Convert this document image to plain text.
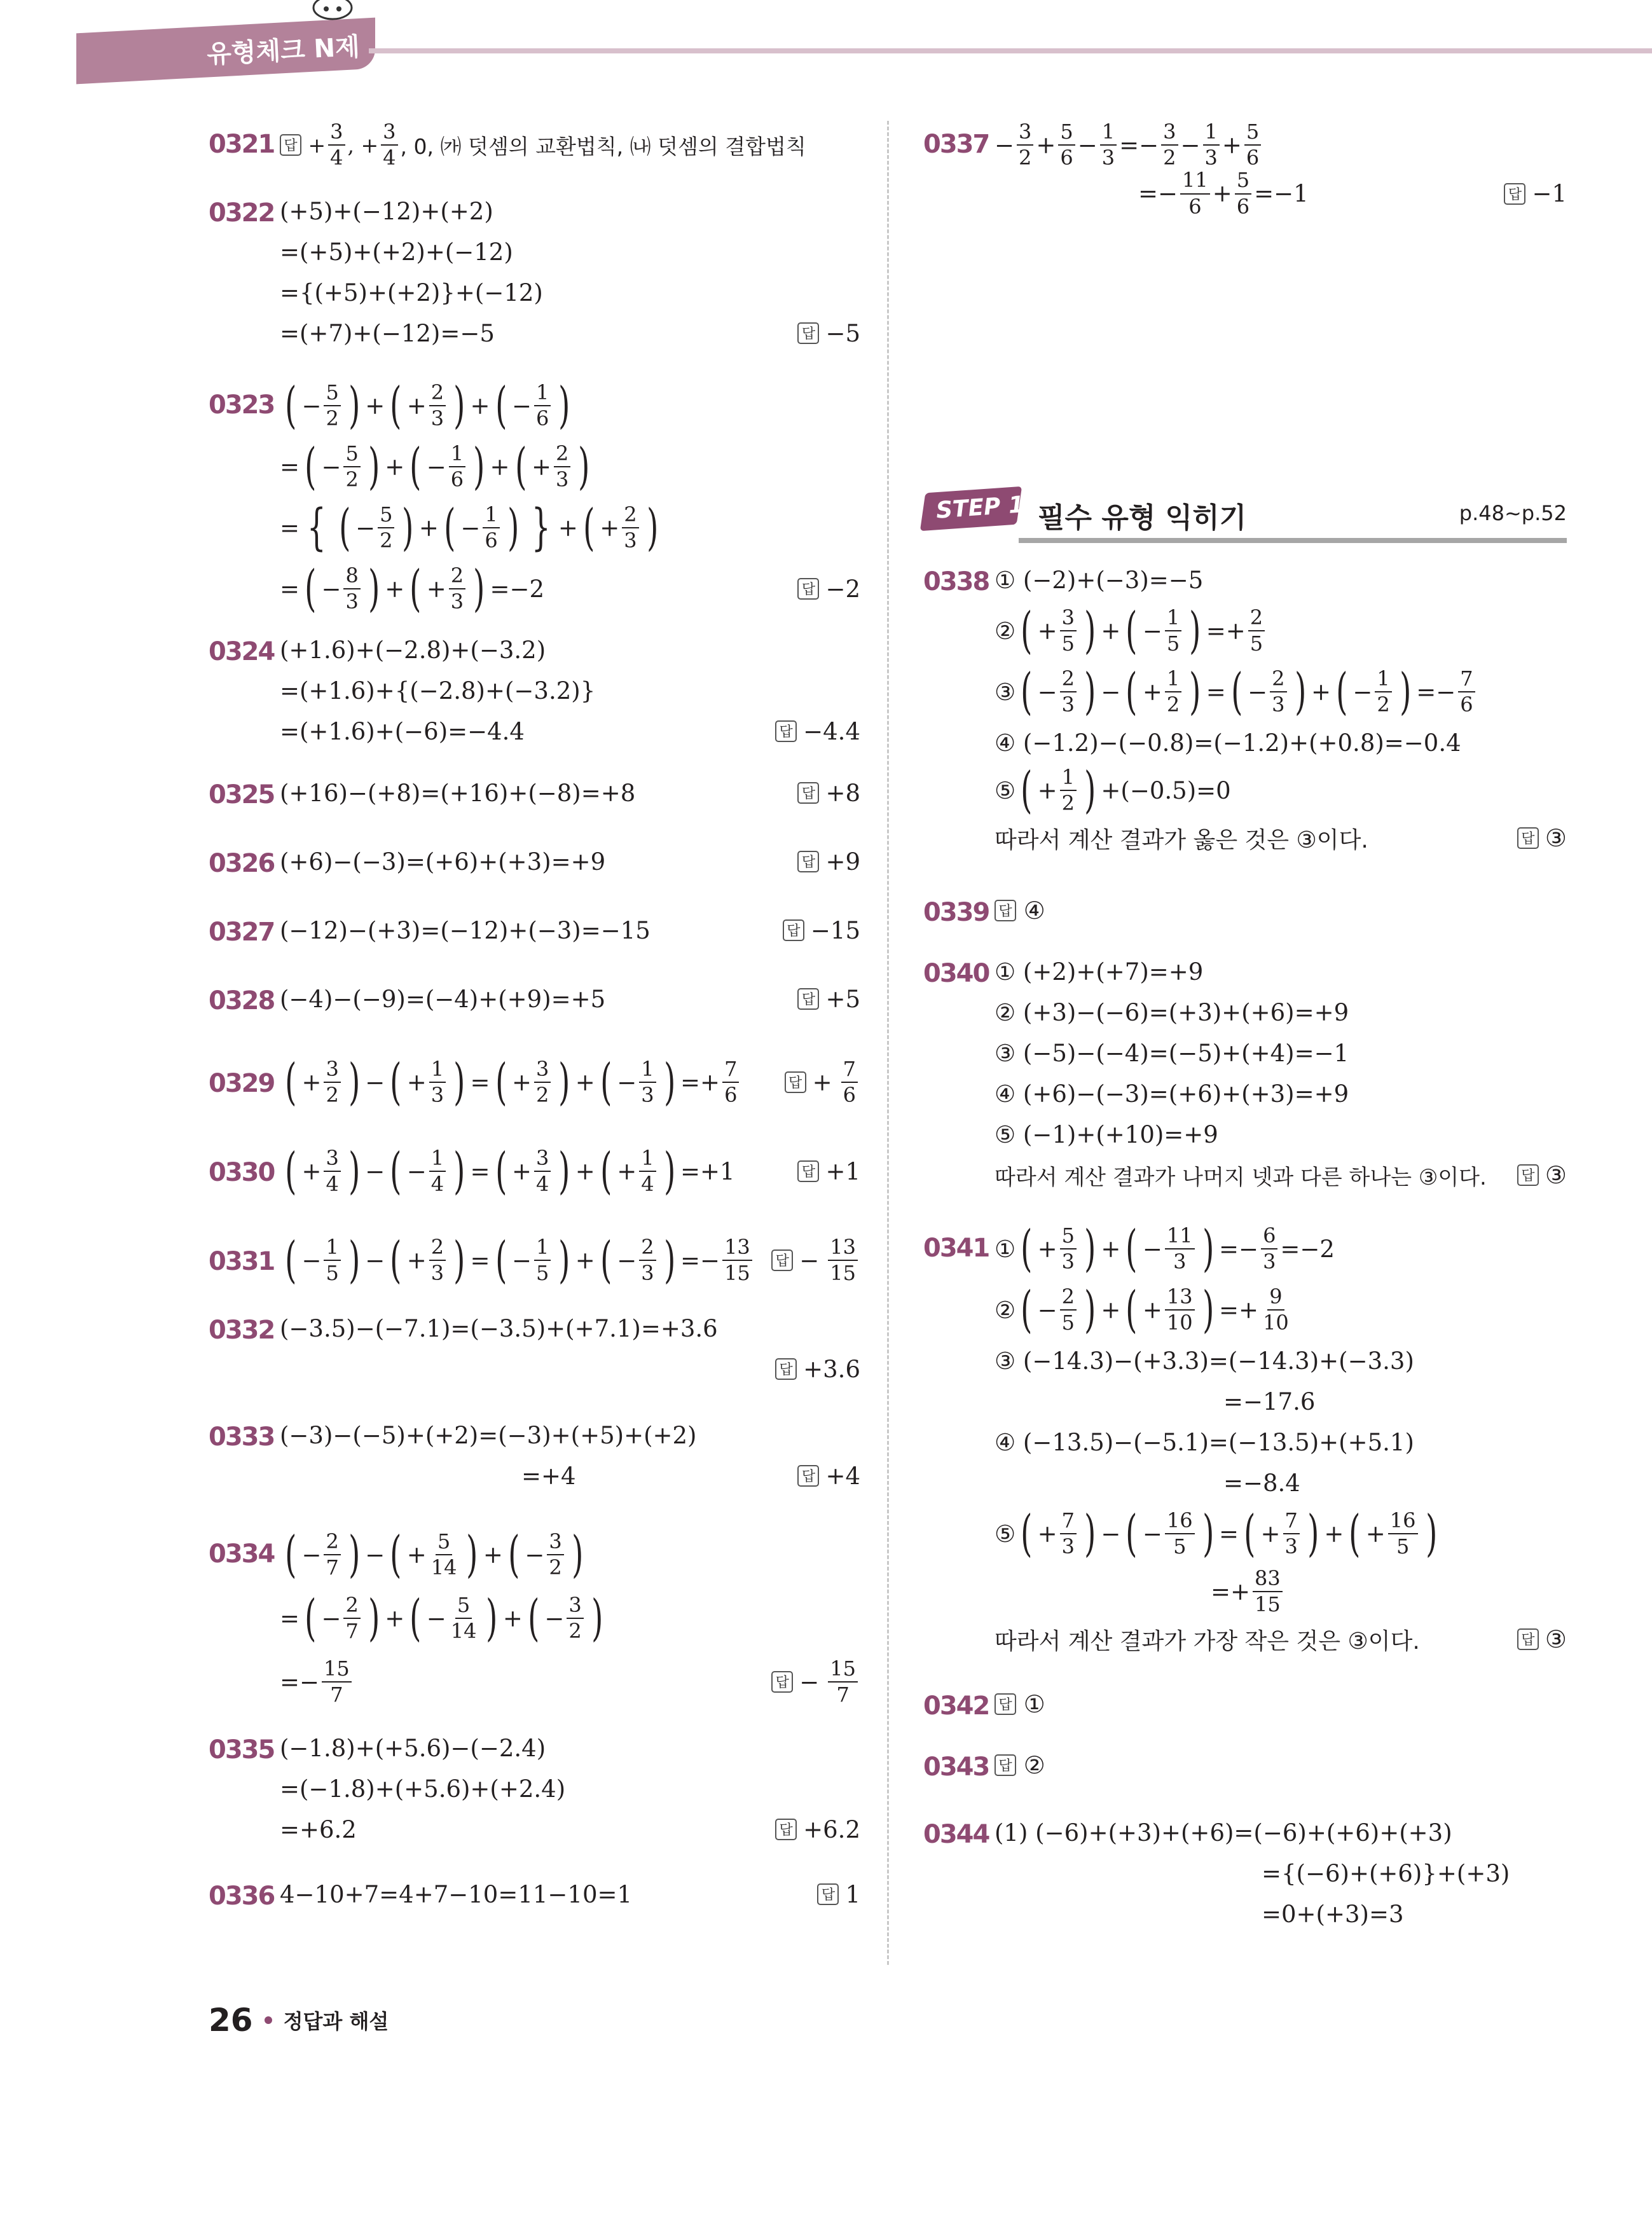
유형체크 N제
0321 답
+ $\frac{3}{4}$ , + $\frac{3}{4}$ , 0, ㈎ 덧셈의 교환법칙, ㈏ 덧셈의 결합법칙
0322 (+5)+(−12)+(+2)
=(+5)+(+2)+(−12)
={(+5)+(+2)}+(−12)
=(+7)+(−12)=−5	답 −5
0323 ( − 5
2 ) + ( + 2
3 ) + ( − 1
6 )
= ( − 5
2 ) + ( − 1
6 ) + ( + 2
3 )
= { ( − 5
2 ) + ( − 1
6 ) } + ( + 2
3 )
= ( − 8
3 ) + ( + 2
3 ) =−2	답 −2
0324 (+1.6)+(−2.8)+(−3.2)
=(+1.6)+{(−2.8)+(−3.2)}
=(+1.6)+(−6)=−4.4	답 −4.4
0325 (+16)−(+8)=(+16)+(−8)=+8	답 +8
0326 (+6)−(−3)=(+6)+(+3)=+9	답 +9
0327 (−12)−(+3)=(−12)+(−3)=−15	답 −15
0328 (−4)−(−9)=(−4)+(+9)=+5	답 +5
0329 ( + 3
2 ) − ( + 1
3 ) = ( + 3
2 ) + ( − 1
3 ) =+ 7
6	답 + 7
6
0330 ( + 3
4 ) − ( − 1
4 ) = ( + 3
4 ) + ( + 1
4 ) =+1	답 +1
0331 ( − 1
5 ) − ( + 2
3 ) = ( − 1
5 ) + ( − 2
3 ) =− 13
15 답 − 13
15
0332 (−3.5)−(−7.1)=(−3.5)+(+7.1)=+3.6
답 +3.6
0333 (−3)−(−5)+(+2)=(−3)+(+5)+(+2)
=+4	답 +4
0334 ( − 2
7 ) − ( + 5
14 ) + ( − 3
2 )
= ( − 2
7 ) + ( − 5
14 ) + ( − 3
2 )
=− 15
7	답 − 15
7
0335 (−1.8)+(+5.6)−(−2.4)
=(−1.8)+(+5.6)+(+2.4)
=+6.2	답 +6.2
0336 4−10+7=4+7−10=11−10=1	답 1
0337 − 3
2 + 5
6 − 1
3 =− 3
2 − 1
3 + 5
6
=− $\frac{11}{6} + 5$
6 =−1	답 −1
STEP 1 필수 유형 익히기	p.48~p.52
0338 ① (−2)+(−3)=−5
② ( + 3
5 ) + ( − 1
5 ) =+ 2
5
③ ( − 2
3 ) − ( + 1
2 ) = ( − 2
3 ) + ( − 1
2 ) =− 7
6
④ (−1.2)−(−0.8)=(−1.2)+(+0.8)=−0.4
⑤ ( + 1
2 ) +(−0.5)=0
따라서 계산 결과가 옳은 것은 ③이다.	답 ③
0339 답
④
0340 ① (+2)+(+7)=+9
② (+3)−(−6)=(+3)+(+6)=+9
③ (−5)−(−4)=(−5)+(+4)=−1
④ (+6)−(−3)=(+6)+(+3)=+9
⑤ (−1)+(+10)=+9
따라서 계산 결과가 나머지 넷과 다른 하나는 ③이다. 답 ③
0341 ① ( + 5
3 ) + ( − 11
3 ) =− 6
3 =−2
② ( − 2
5 ) + ( + 13
10 ) =+ 9
10
③ (−14.3)−(+3.3)=(−14.3)+(−3.3)
=−17.6
④ (−13.5)−(−5.1)=(−13.5)+(+5.1)
=−8.4
⑤ ( + 7
3 ) − ( − 16
5 ) = ( + 7
3 ) + ( + 16
5 )
=+ $\frac{83}{15}$
따라서 계산 결과가 가장 작은 것은 ③이다.	답 ③
0342 답
①
0343 답
②
0344 (1) (−6)+(+3)+(+6)=(−6)+(+6)+(+3)
={(−6)+(+6)}+(+3)
=0+(+3)=3
26 정답과 해설
